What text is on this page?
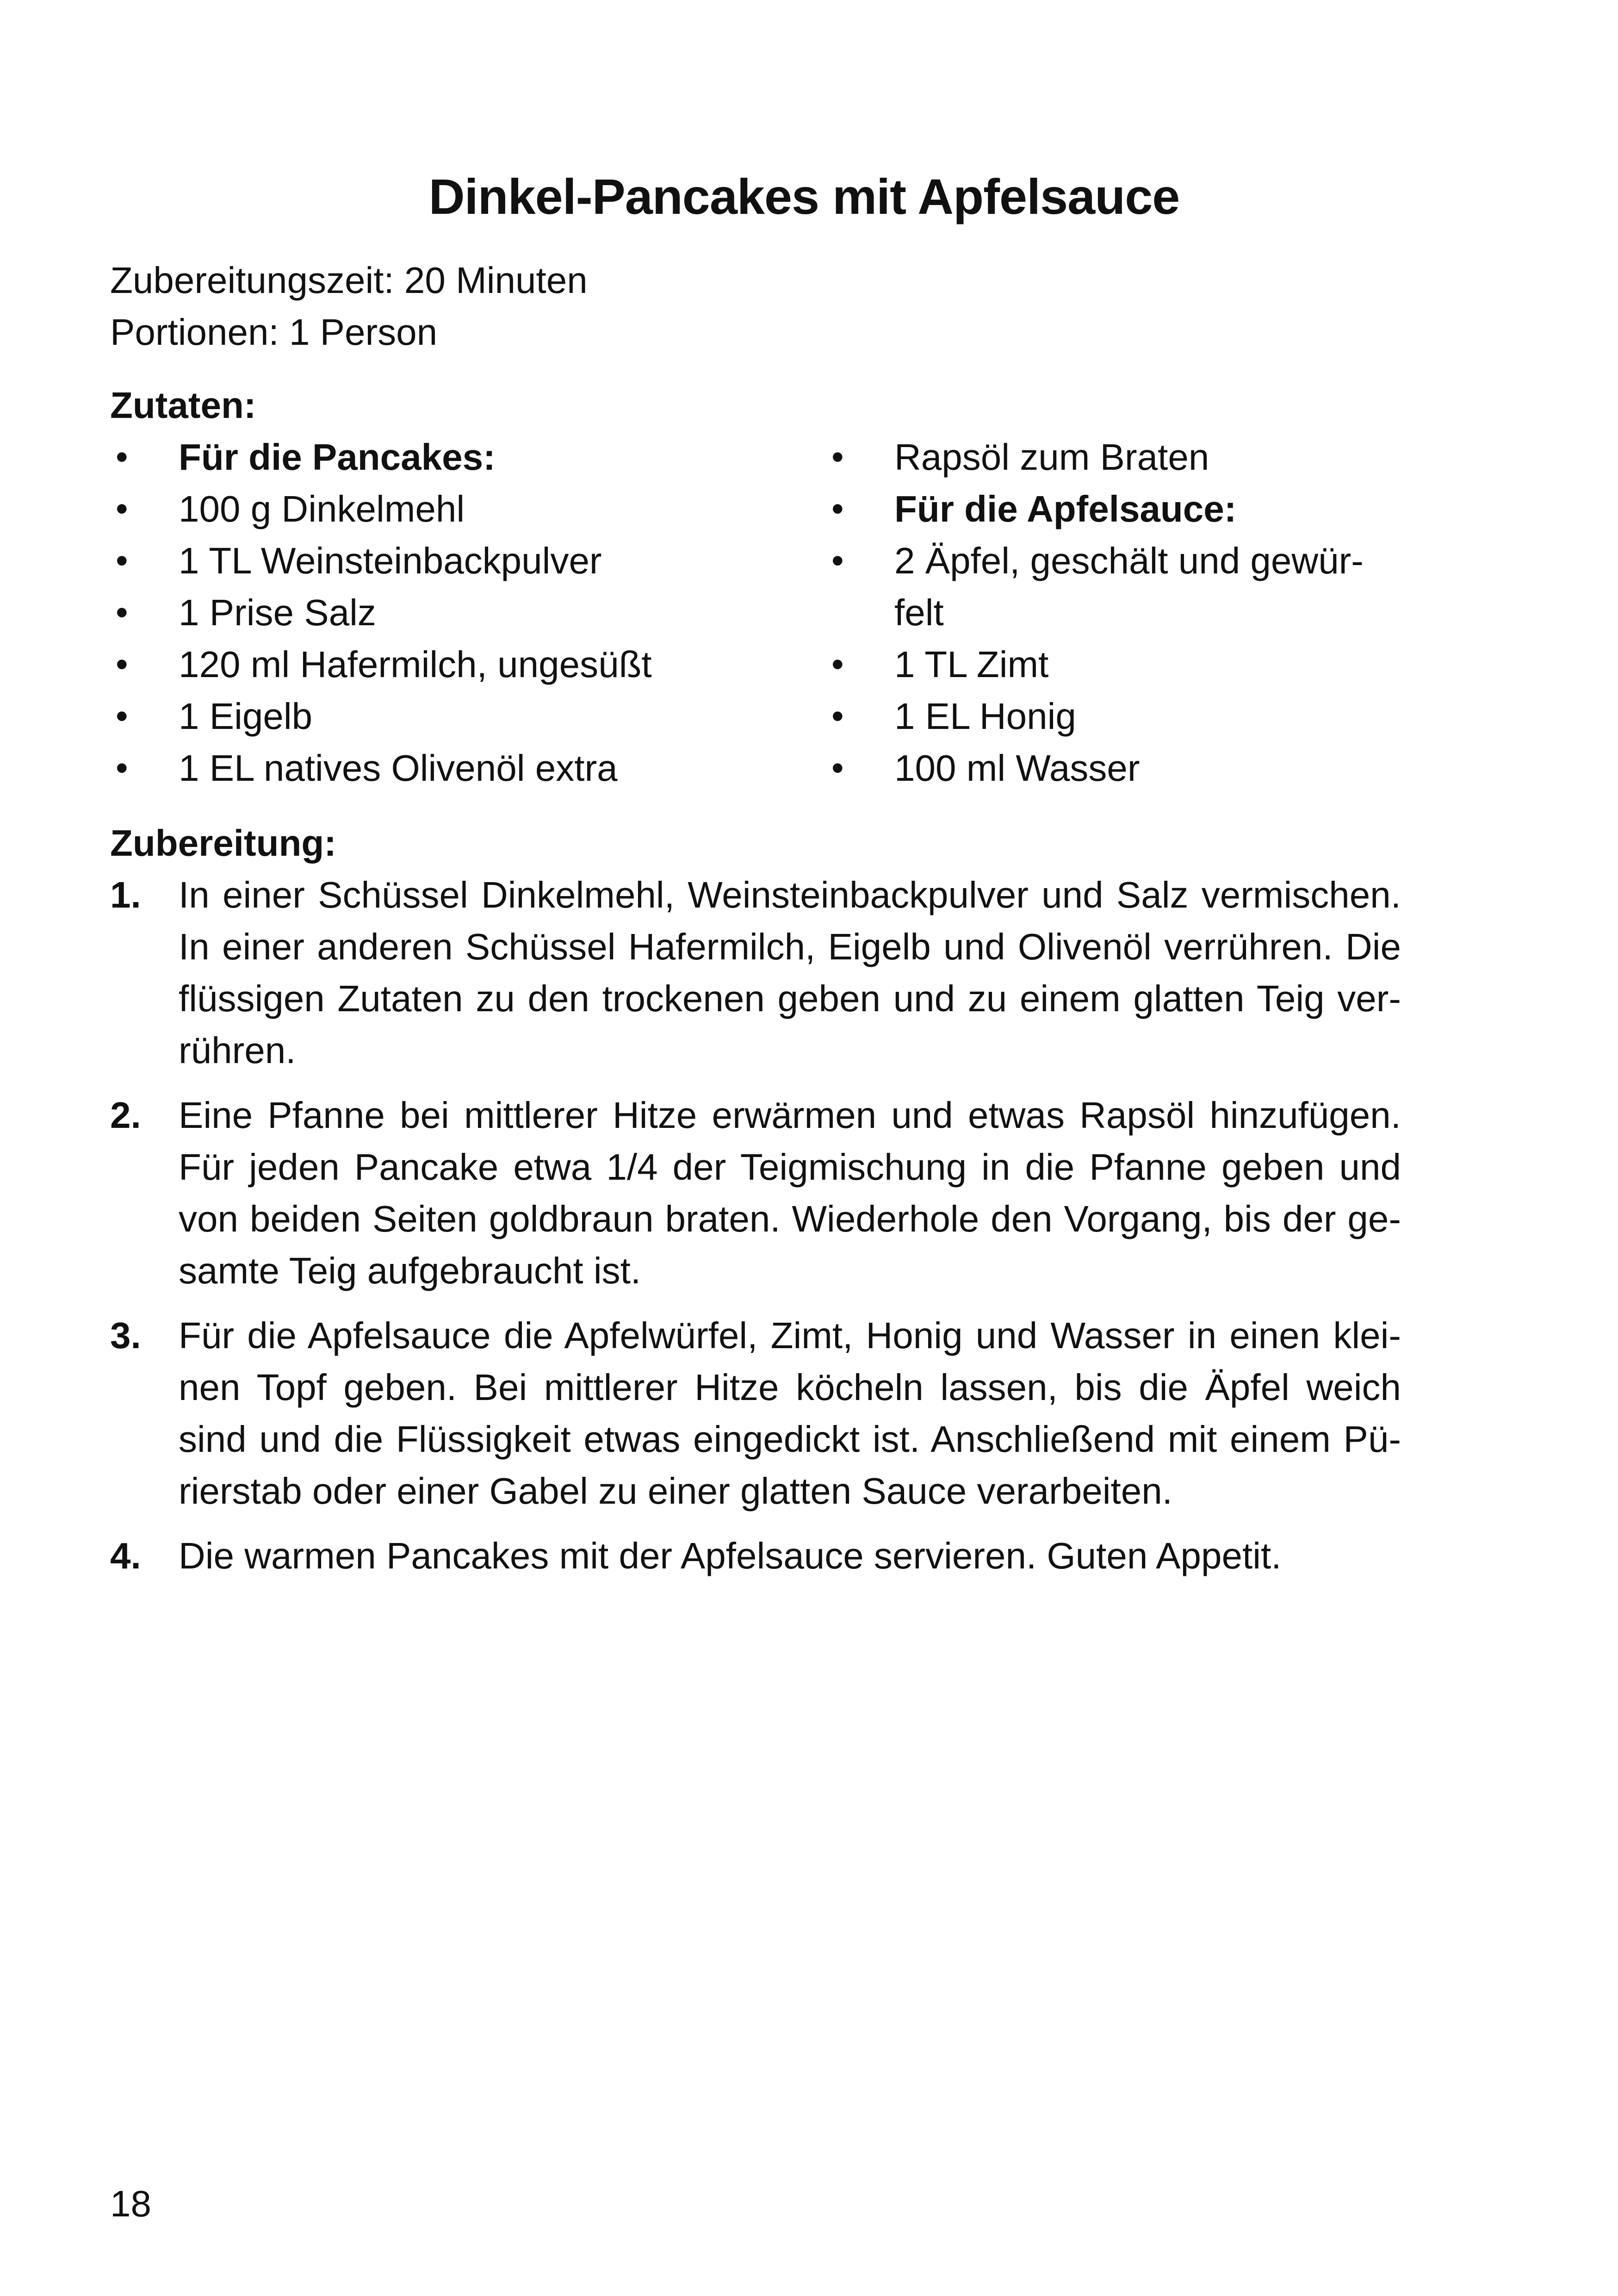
Dinkel-Pancakes mit Apfelsauce
Zubereitungszeit: 20 Minuten
Portionen: 1 Person
Zutaten:
• Für die Pancakes:
• 100 g Dinkelmehl
• 1 TL Weinsteinbackpulver
• 1 Prise Salz
• 120 ml Hafermilch, ungesüßt
• 1 Eigelb
• 1 EL natives Olivenöl extra
• Rapsöl zum Braten
• Für die Apfelsauce:
• 2 Äpfel, geschält und gewür-felt
• 1 TL Zimt
• 1 EL Honig
• 100 ml Wasser
Zubereitung:
1. In einer Schüssel Dinkelmehl, Weinsteinbackpulver und Salz vermischen. In einer anderen Schüssel Hafermilch, Eigelb und Olivenöl verrühren. Die flüssigen Zutaten zu den trockenen geben und zu einem glatten Teig ver-rühren.
2. Eine Pfanne bei mittlerer Hitze erwärmen und etwas Rapsöl hinzufügen. Für jeden Pancake etwa 1/4 der Teigmischung in die Pfanne geben und von beiden Seiten goldbraun braten. Wiederhole den Vorgang, bis der ge-samte Teig aufgebraucht ist.
3. Für die Apfelsauce die Apfelwürfel, Zimt, Honig und Wasser in einen klei-nen Topf geben. Bei mittlerer Hitze köcheln lassen, bis die Äpfel weich sind und die Flüssigkeit etwas eingedickt ist. Anschließend mit einem Pü-rierstab oder einer Gabel zu einer glatten Sauce verarbeiten.
4. Die warmen Pancakes mit der Apfelsauce servieren. Guten Appetit.
18
